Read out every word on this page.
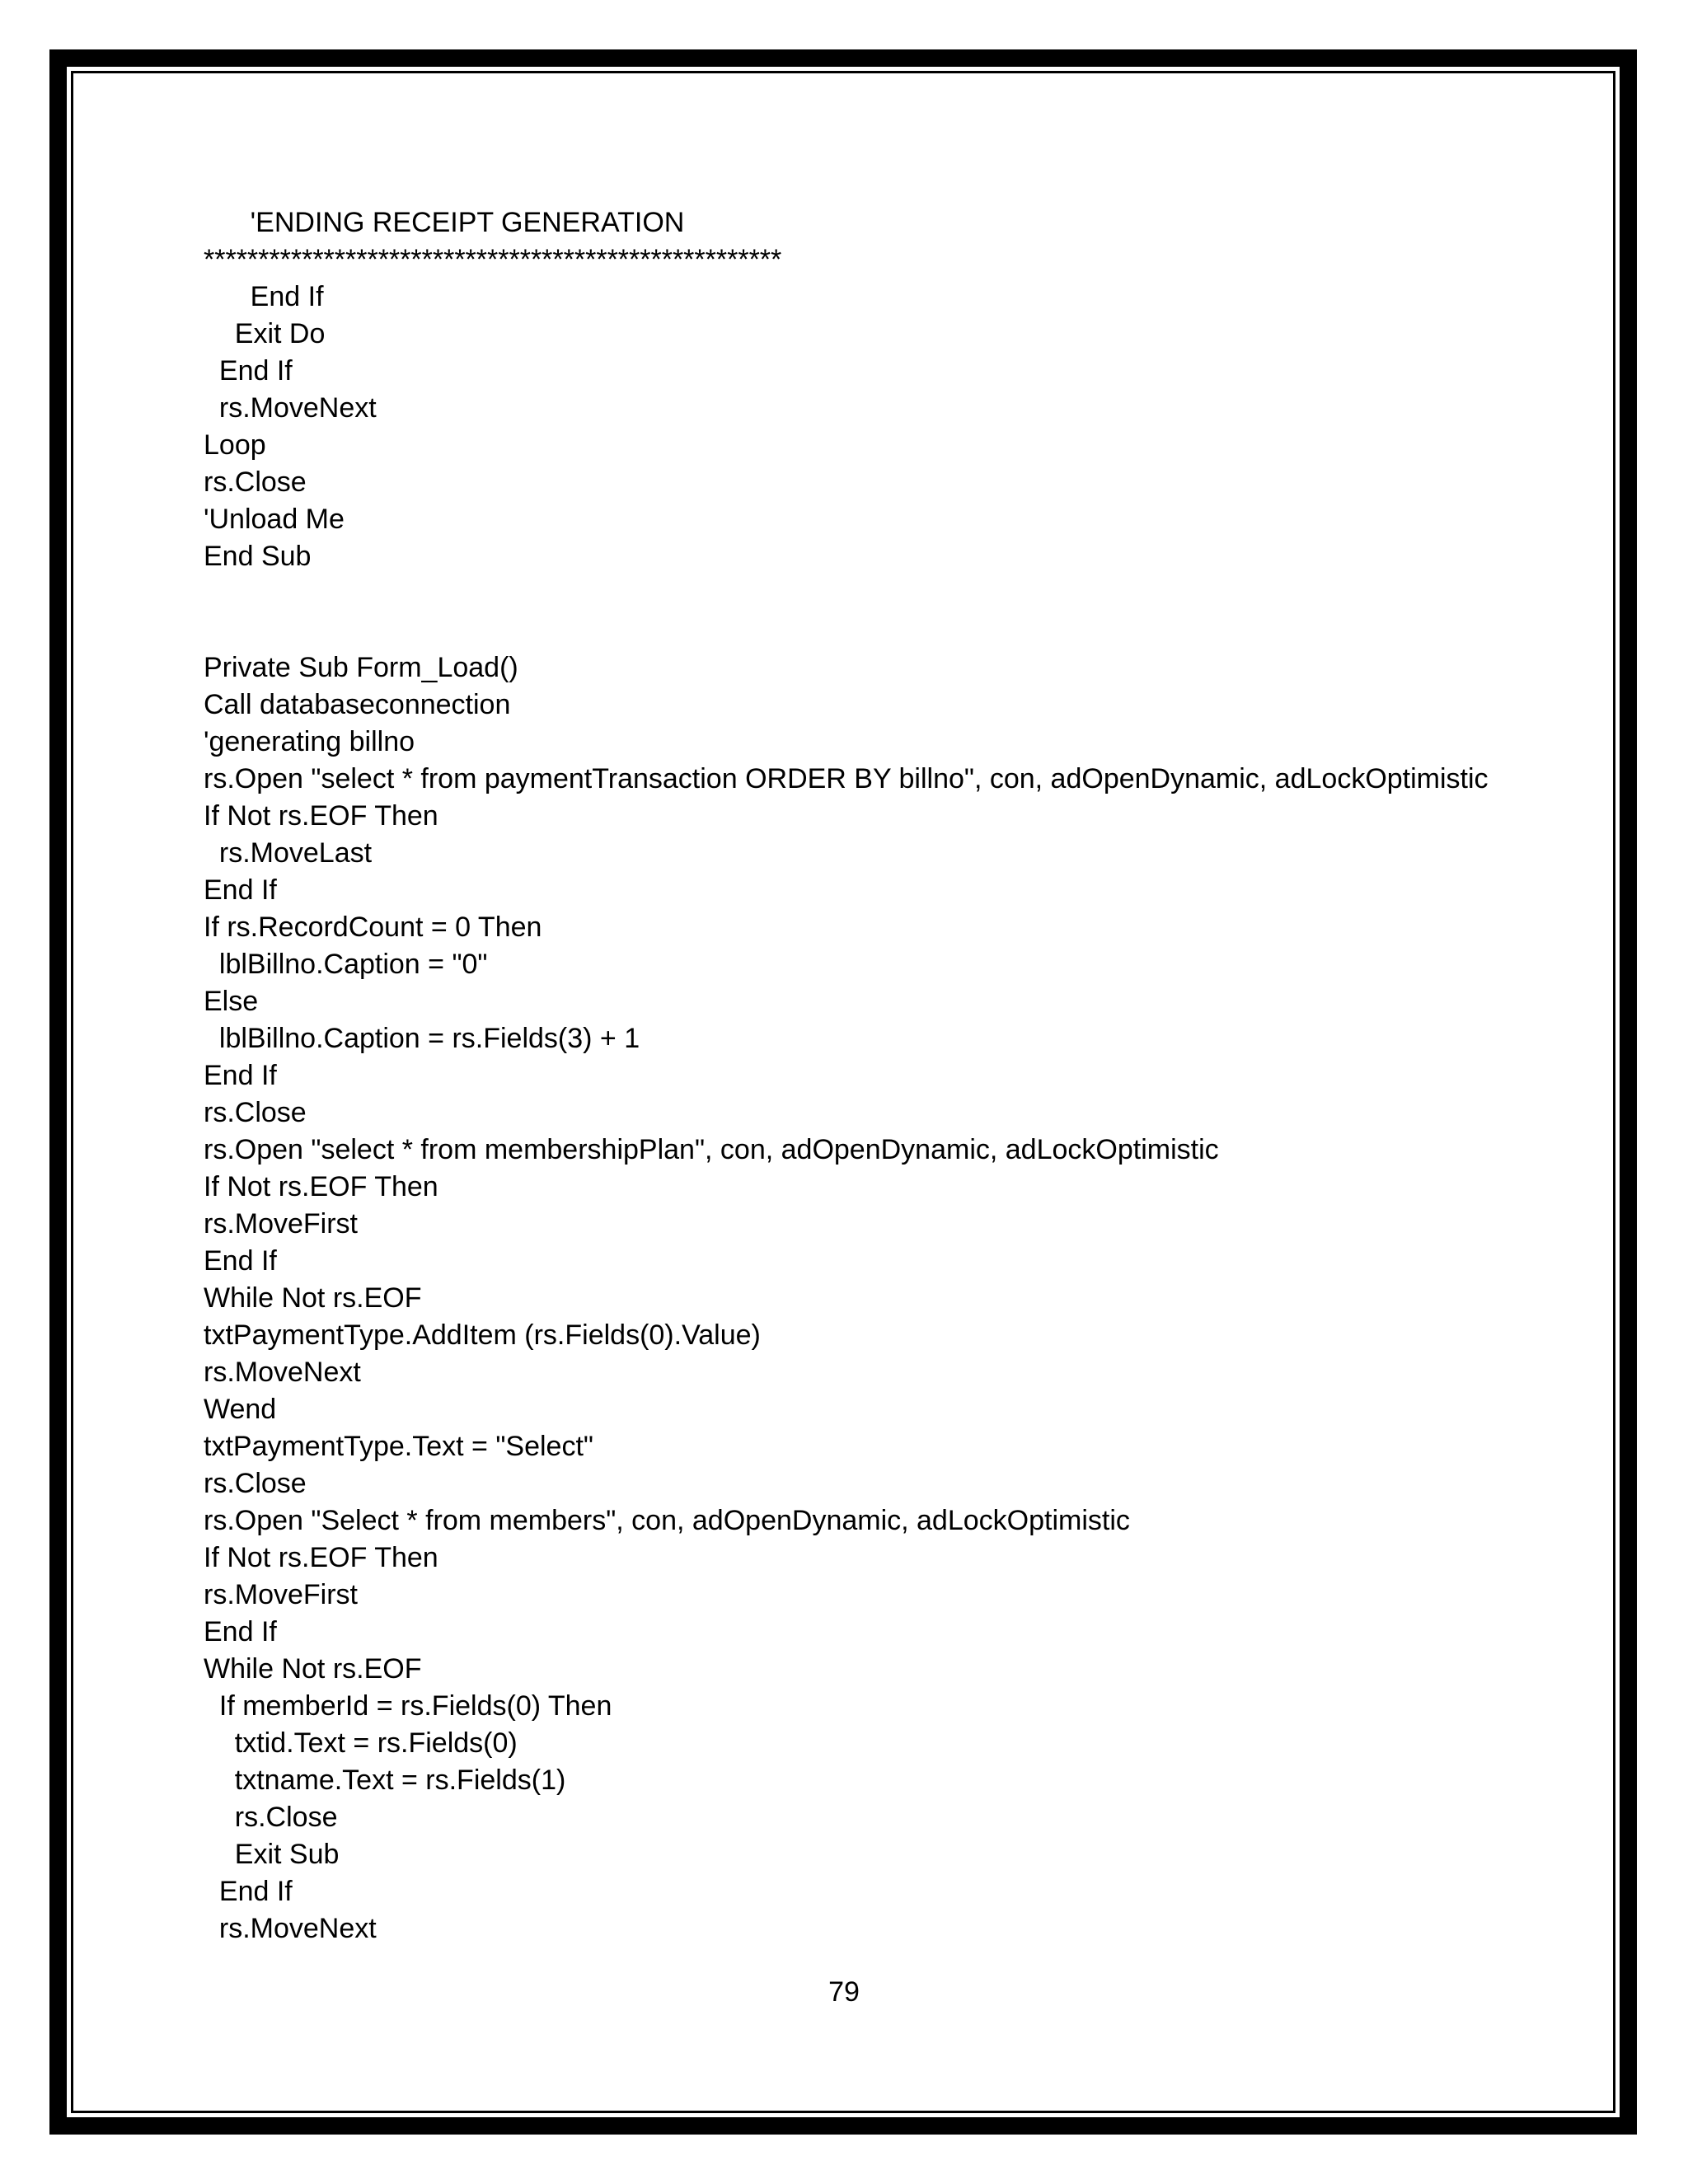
'ENDING RECEIPT GENERATION
*****************************************************
End If
Exit Do
End If
rs.MoveNext
Loop
rs.Close
'Unload Me
End Sub
Private Sub Form_Load()
Call databaseconnection
'generating billno
rs.Open "select * from paymentTransaction ORDER BY billno", con, adOpenDynamic, adLockOptimistic
If Not rs.EOF Then
rs.MoveLast
End If
If rs.RecordCount = 0 Then
lblBillno.Caption = "0"
Else
lblBillno.Caption = rs.Fields(3) + 1
End If
rs.Close
rs.Open "select * from membershipPlan", con, adOpenDynamic, adLockOptimistic
If Not rs.EOF Then
rs.MoveFirst
End If
While Not rs.EOF
txtPaymentType.AddItem (rs.Fields(0).Value)
rs.MoveNext
Wend
txtPaymentType.Text = "Select"
rs.Close
rs.Open "Select * from members", con, adOpenDynamic, adLockOptimistic
If Not rs.EOF Then
rs.MoveFirst
End If
While Not rs.EOF
If memberId = rs.Fields(0) Then
txtid.Text = rs.Fields(0)
txtname.Text = rs.Fields(1)
rs.Close
Exit Sub
End If
rs.MoveNext
79
